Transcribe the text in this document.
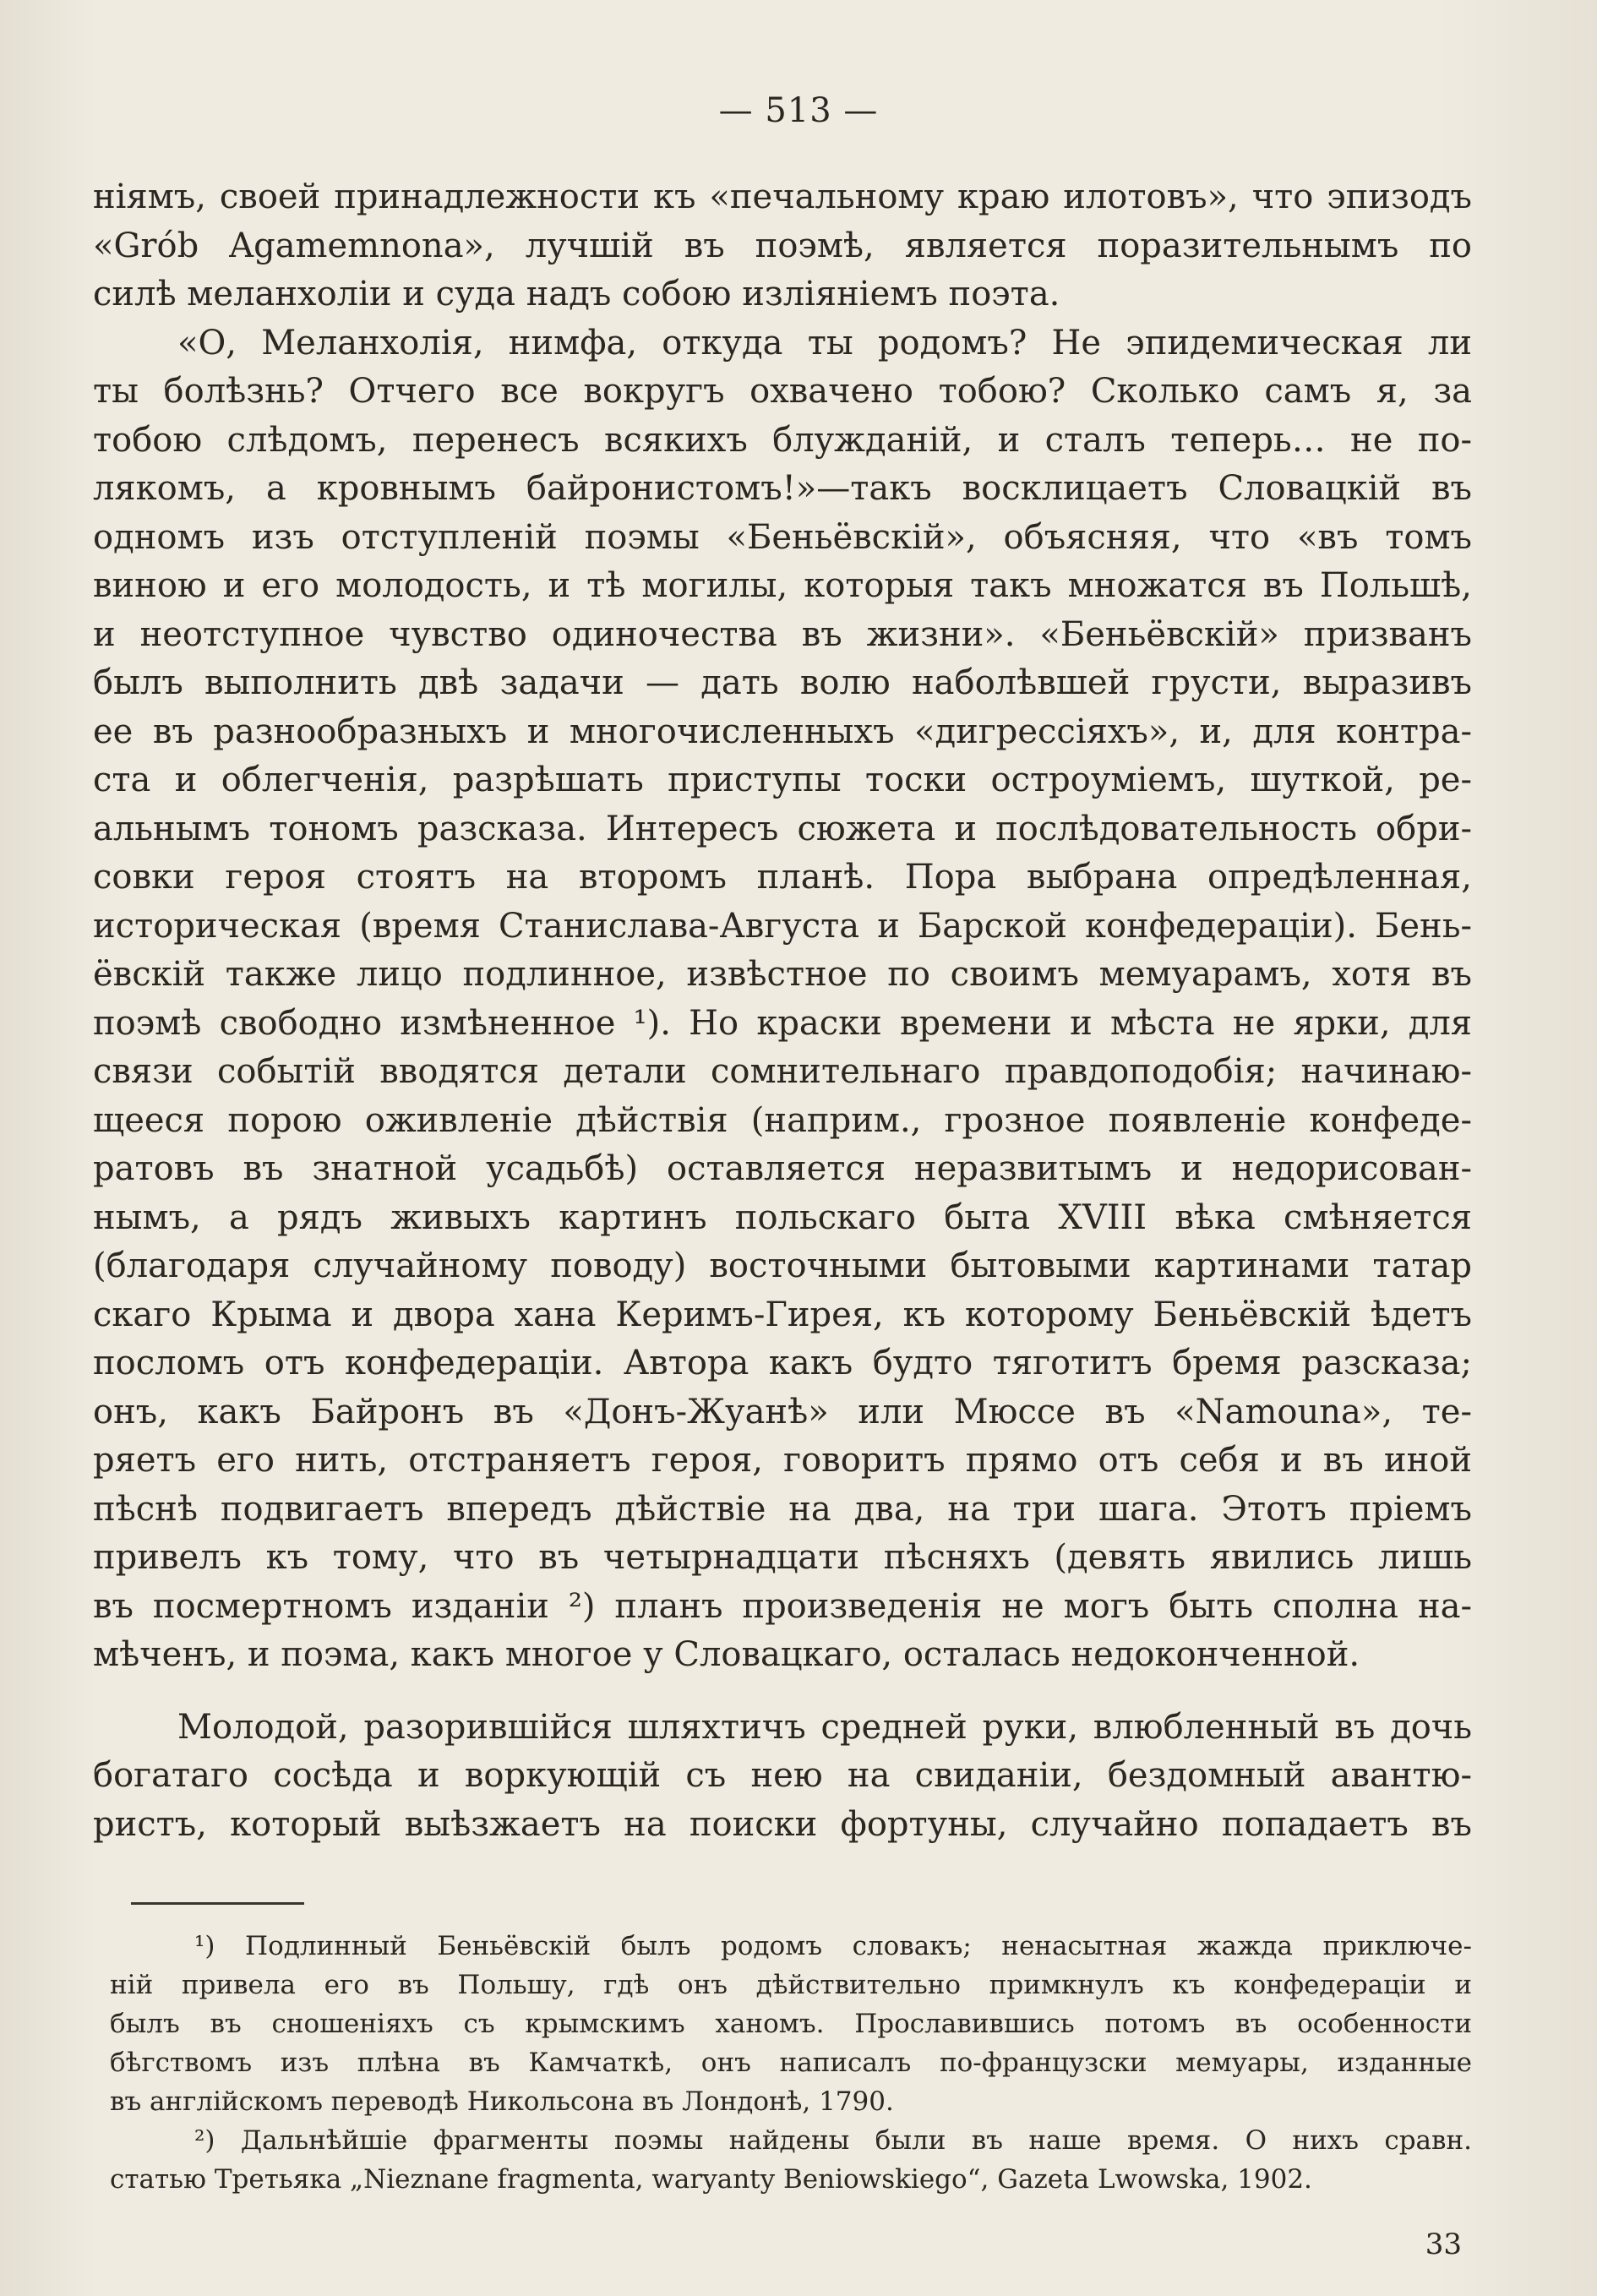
— 513 —

ніямъ, своей принадлежности къ «печальному краю илотовъ», что эпизодъ

«Grób Agamemnona», лучшій въ поэмѣ, является поразительнымъ по

силѣ меланхоліи и суда надъ собою изліяніемъ поэта.

«О, Меланхолія, нимфа, откуда ты родомъ? Не эпидемическая ли

ты болѣзнь? Отчего все вокругъ охвачено тобою? Сколько самъ я, за

тобою слѣдомъ, перенесъ всякихъ блужданій, и сталъ теперь… не по-

лякомъ, а кровнымъ байронистомъ!»—такъ восклицаетъ Словацкій въ

одномъ изъ отступленій поэмы «Беньёвскій», объясняя, что «въ томъ

виною и его молодость, и тѣ могилы, которыя такъ множатся въ Польшѣ,

и неотступное чувство одиночества въ жизни». «Беньёвскій» призванъ

былъ выполнить двѣ задачи — дать волю наболѣвшей грусти, выразивъ

ее въ разнообразныхъ и многочисленныхъ «дигрессіяхъ», и, для контра-

ста и облегченія, разрѣшать приступы тоски остроуміемъ, шуткой, ре-

альнымъ тономъ разсказа. Интересъ сюжета и послѣдовательность обри-

совки героя стоятъ на второмъ планѣ. Пора выбрана опредѣленная,

историческая (время Станислава-Августа и Барской конфедераціи). Бень-

ёвскій также лицо подлинное, извѣстное по своимъ мемуарамъ, хотя въ

поэмѣ свободно измѣненное ¹). Но краски времени и мѣста не ярки, для

связи событій вводятся детали сомнительнаго правдоподобія; начинаю-

щееся порою оживленіе дѣйствія (наприм., грозное появленіе конфеде-

ратовъ въ знатной усадьбѣ) оставляется неразвитымъ и недорисован-

нымъ, а рядъ живыхъ картинъ польскаго быта XVIII вѣка смѣняется

(благодаря случайному поводу) восточными бытовыми картинами татар

скаго Крыма и двора хана Керимъ-Гирея, къ которому Беньёвскій ѣдетъ

посломъ отъ конфедераціи. Автора какъ будто тяготитъ бремя разсказа;

онъ, какъ Байронъ въ «Донъ-Жуанѣ» или Мюссе въ «Namouna», те-

ряетъ его нить, отстраняетъ героя, говоритъ прямо отъ себя и въ иной

пѣснѣ подвигаетъ впередъ дѣйствіе на два, на три шага. Этотъ пріемъ

привелъ къ тому, что въ четырнадцати пѣсняхъ (девять явились лишь

въ посмертномъ изданіи ²) планъ произведенія не могъ быть сполна на-

мѣченъ, и поэма, какъ многое у Словацкаго, осталась недоконченной.

Молодой, разорившійся шляхтичъ средней руки, влюбленный въ дочь

богатаго сосѣда и воркующій съ нею на свиданіи, бездомный авантю-

ристъ, который выѣзжаетъ на поиски фортуны, случайно попадаетъ въ

¹) Подлинный Беньёвскій былъ родомъ словакъ; ненасытная жажда приключе-

ній привела его въ Польшу, гдѣ онъ дѣйствительно примкнулъ къ конфедераціи и

былъ въ сношеніяхъ съ крымскимъ ханомъ. Прославившись потомъ въ особенности

бѣгствомъ изъ плѣна въ Камчаткѣ, онъ написалъ по-французски мемуары, изданные

въ англійскомъ переводѣ Никольсона въ Лондонѣ, 1790.

²) Дальнѣйшіе фрагменты поэмы найдены были въ наше время. О нихъ сравн.

статью Третьяка „Nieznane fragmenta, waryanty Beniowskiego“, Gazeta Lwowska, 1902.

33
